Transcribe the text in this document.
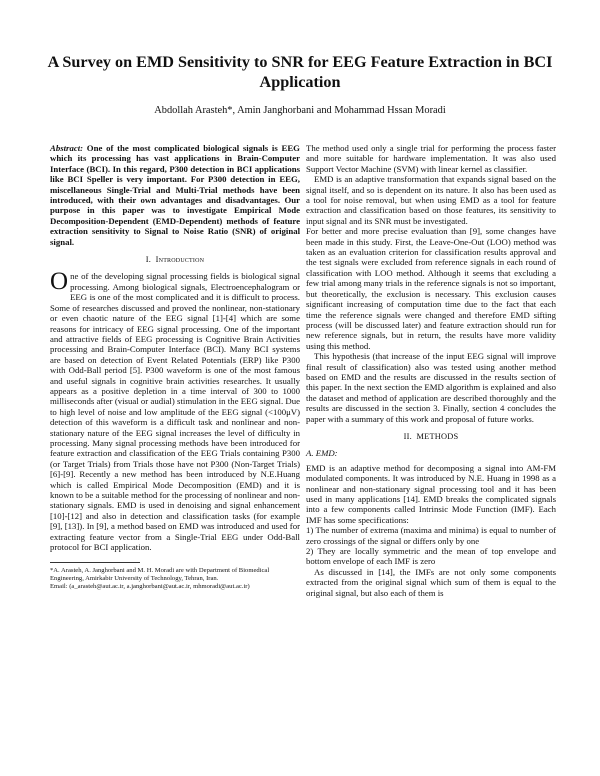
A Survey on EMD Sensitivity to SNR for EEG Feature Extraction in BCI Application
Abdollah Arasteh*, Amin Janghorbani and Mohammad Hssan Moradi

Abstract: One of the most complicated biological signals is EEG which its processing has vast applications in Brain-Computer Interface (BCI). In this regard, P300 detection in BCI applications like BCI Speller is very important. For P300 detection in EEG, miscellaneous Single-Trial and Multi-Trial methods have been introduced, with their own advantages and disadvantages. Our purpose in this paper was to investigate Empirical Mode Decomposition-Dependent (EMD-Dependent) methods of feature extraction sensitivity to Signal to Noise Ratio (SNR) of original signal.

I. Introduction
O ne of the developing signal processing fields is biological signal processing. Among biological signals, Electroencephalogram or EEG is one of the most complicated and it is difficult to process. Some of researches discussed and proved the nonlinear, non-stationary or even chaotic nature of the EEG signal [1]-[4] which are some reasons for intricacy of EEG signal processing. One of the important and attractive fields of EEG processing is Cognitive Brain Activities processing and Brain-Computer Interface (BCI). Many BCI systems are based on detection of Event Related Potentials (ERP) like P300 with Odd-Ball period [5]. P300 waveform is one of the most famous and useful signals in cognitive brain activities researches. It usually appears as a positive depletion in a time interval of 300 to 1000 milliseconds after (visual or audial) stimulation in the EEG signal. Due to high level of noise and low amplitude of the EEG signal (<100μV) detection of this waveform is a difficult task and nonlinear and non-stationary nature of the EEG signal increases the level of difficulty in processing. Many signal processing methods have been introduced for feature extraction and classification of the EEG Trials containing P300 (or Target Trials) from Trials those have not P300 (Non-Target Trials) [6]-[9]. Recently a new method has been introduced by N.E.Huang which is called Empirical Mode Decomposition (EMD) and it is known to be a suitable method for the processing of nonlinear and non-stationary signals. EMD is used in denoising and signal enhancement [10]-[12] and also in detection and classification tasks (for example [9], [13]). In [9], a method based on EMD was introduced and used for extracting feature vector from a Single-Trial EEG under Odd-Ball protocol for BCI application.

*A. Arasteh, A. Janghorbani and M. H. Moradi are with Department of Biomedical Engineering, Amirkabir University of Technology, Tehran, Iran.

Email: (a_arasteh@aut.ac.ir, a.janghorbani@aut.ac.ir, mhmoradi@aut.ac.ir)

The method used only a single trial for performing the process faster and more suitable for hardware implementation. It was also used Support Vector Machine (SVM) with linear kernel as classifier.

EMD is an adaptive transformation that expands signal based on the signal itself, and so is dependent on its nature. It also has been used as a tool for noise removal, but when using EMD as a tool for feature extraction and classification based on those features, its sensitivity to input signal and its SNR must be investigated.

For better and more precise evaluation than [9], some changes have been made in this study. First, the Leave-One-Out (LOO) method was taken as an evaluation criterion for classification results approval and the test signals were excluded from reference signals in each round of classification with LOO method. Although it seems that excluding a few trial among many trials in the reference signals is not so important, but theoretically, the exclusion is necessary. This exclusion causes significant increasing of computation time due to the fact that each time the reference signals were changed and therefore EMD sifting process (will be discussed later) and feature extraction should run for new reference signals, but in return, the results have more validity using this method.

This hypothesis (that increase of the input EEG signal will improve final result of classification) also was tested using another method based on EMD and the results are discussed in the results section of this paper. In the next section the EMD algorithm is explained and also the dataset and method of application are described thoroughly and the results are discussed in the section 3. Finally, section 4 concludes the paper with a summary of this work and proposal of future works.

II. METHODS
A. EMD:

EMD is an adaptive method for decomposing a signal into AM-FM modulated components. It was introduced by N.E. Huang in 1998 as a nonlinear and non-stationary signal processing tool and it has been used in many applications [14]. EMD breaks the complicated signals into a few components called Intrinsic Mode Function (IMF). Each IMF has some specifications:

1) The number of extrema (maxima and minima) is equal to number of zero crossings of the signal or differs only by one

2) They are locally symmetric and the mean of top envelope and bottom envelope of each IMF is zero

As discussed in [14], the IMFs are not only some components extracted from the original signal which sum of them is equal to the original signal, but also each of them is
